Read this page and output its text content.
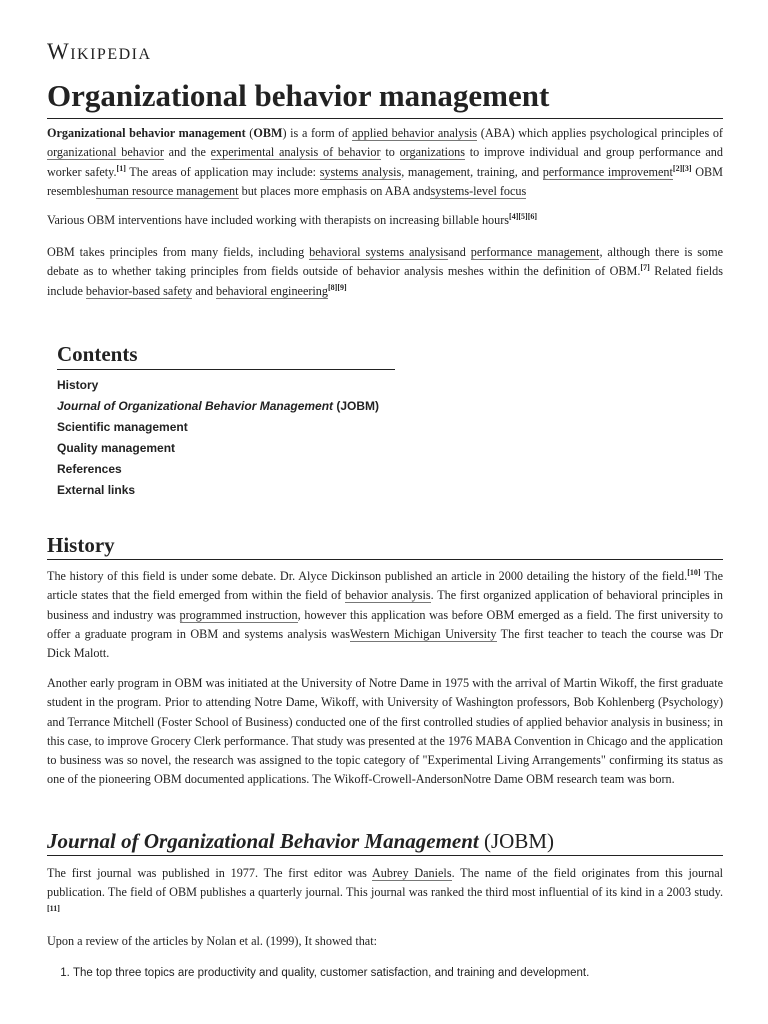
Wikipedia
Organizational behavior management

Organizational behavior management (OBM) is a form of applied behavior analysis (ABA) which applies psychological principles of organizational behavior and the experimental analysis of behavior to organizations to improve individual and group performance and worker safety.[1] The areas of application may include: systems analysis, management, training, and performance improvement[2][3] OBM resembleshuman resource management but places more emphasis on ABA andsystems-level focus

Various OBM interventions have included working with therapists on increasing billable hours[4][5][6]

OBM takes principles from many fields, including behavioral systems analysisand performance management, although there is some debate as to whether taking principles from fields outside of behavior analysis meshes within the definition of OBM.[7] Related fields include behavior-based safety and behavioral engineering[8][9]

Contents
History
Journal of Organizational Behavior Management (JOBM)
Scientific management
Quality management
References
External links
History

The history of this field is under some debate. Dr. Alyce Dickinson published an article in 2000 detailing the history of the field.[10] The article states that the field emerged from within the field of behavior analysis. The first organized application of behavioral principles in business and industry was programmed instruction, however this application was before OBM emerged as a field. The first university to offer a graduate program in OBM and systems analysis wasWestern Michigan University The first teacher to teach the course was Dr Dick Malott.

Another early program in OBM was initiated at the University of Notre Dame in 1975 with the arrival of Martin Wikoff, the first graduate student in the program. Prior to attending Notre Dame, Wikoff, with University of Washington professors, Bob Kohlenberg (Psychology) and Terrance Mitchell (Foster School of Business) conducted one of the first controlled studies of applied behavior analysis in business; in this case, to improve Grocery Clerk performance. That study was presented at the 1976 MABA Convention in Chicago and the application to business was so novel, the research was assigned to the topic category of "Experimental Living Arrangements" confirming its status as one of the pioneering OBM documented applications. The Wikoff-Crowell-AndersonNotre Dame OBM research team was born.

Journal of Organizational Behavior Management (JOBM)

The first journal was published in 1977. The first editor was Aubrey Daniels. The name of the field originates from this journal publication. The field of OBM publishes a quarterly journal. This journal was ranked the third most influential of its kind in a 2003 study.[11]

Upon a review of the articles by Nolan et al. (1999), It showed that:

1. The top three topics are productivity and quality, customer satisfaction, and training and development.
